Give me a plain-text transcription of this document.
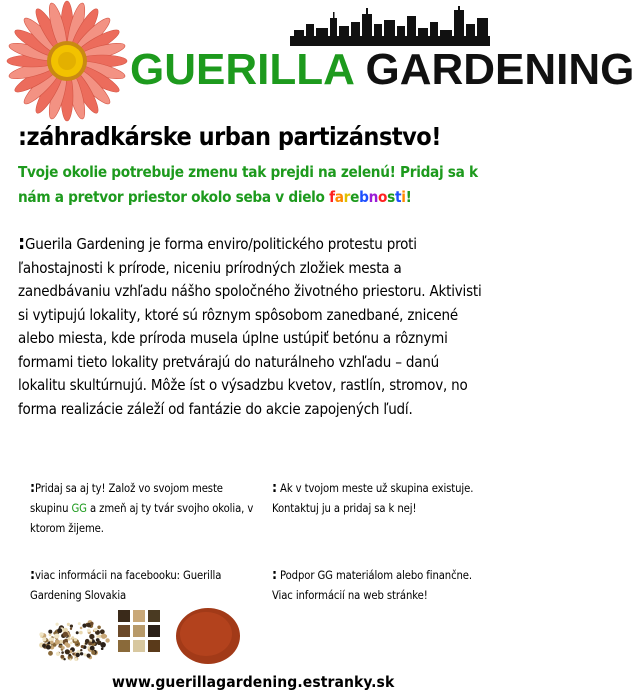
GUERILLA GARDENING
:záhradkárske urban partizánstvo!
Tvoje okolie potrebuje zmenu tak prejdi na zelenú! Pridaj sa k nám a pretvor priestor okolo seba v dielo farebnosti!
:Guerila Gardening je forma enviro/politického protestu proti ľahostajnosti k prírode, niceniu prírodných zložiek mesta a zanedbávaniu vzhľadu nášho spoločného životného priestoru. Aktivisti si vytipujú lokality, ktoré sú rôznym spôsobom zanedbané, znicené alebo miesta, kde príroda musela úplne ustúpiť betónu a rôznymi formami tieto lokality pretvárajú do naturálneho vzhľadu – danú lokalitu skultúrnujú. Môže íst o výsadzbu kvetov, rastlín, stromov, no forma realizácie záleží od fantázie do akcie zapojených ľudí.
:Pridaj sa aj ty! Založ vo svojom meste skupinu GG a zmeň aj ty tvár svojho okolia, v ktorom žijeme.
: Ak v tvojom meste už skupina existuje. Kontaktuj ju a pridaj sa k nej!
:viac informácii na facebooku: Guerilla Gardening Slovakia
: Podpor GG materiálom alebo finančne. Viac informácií na web stránke!
www.guerillagardening.estranky.sk
